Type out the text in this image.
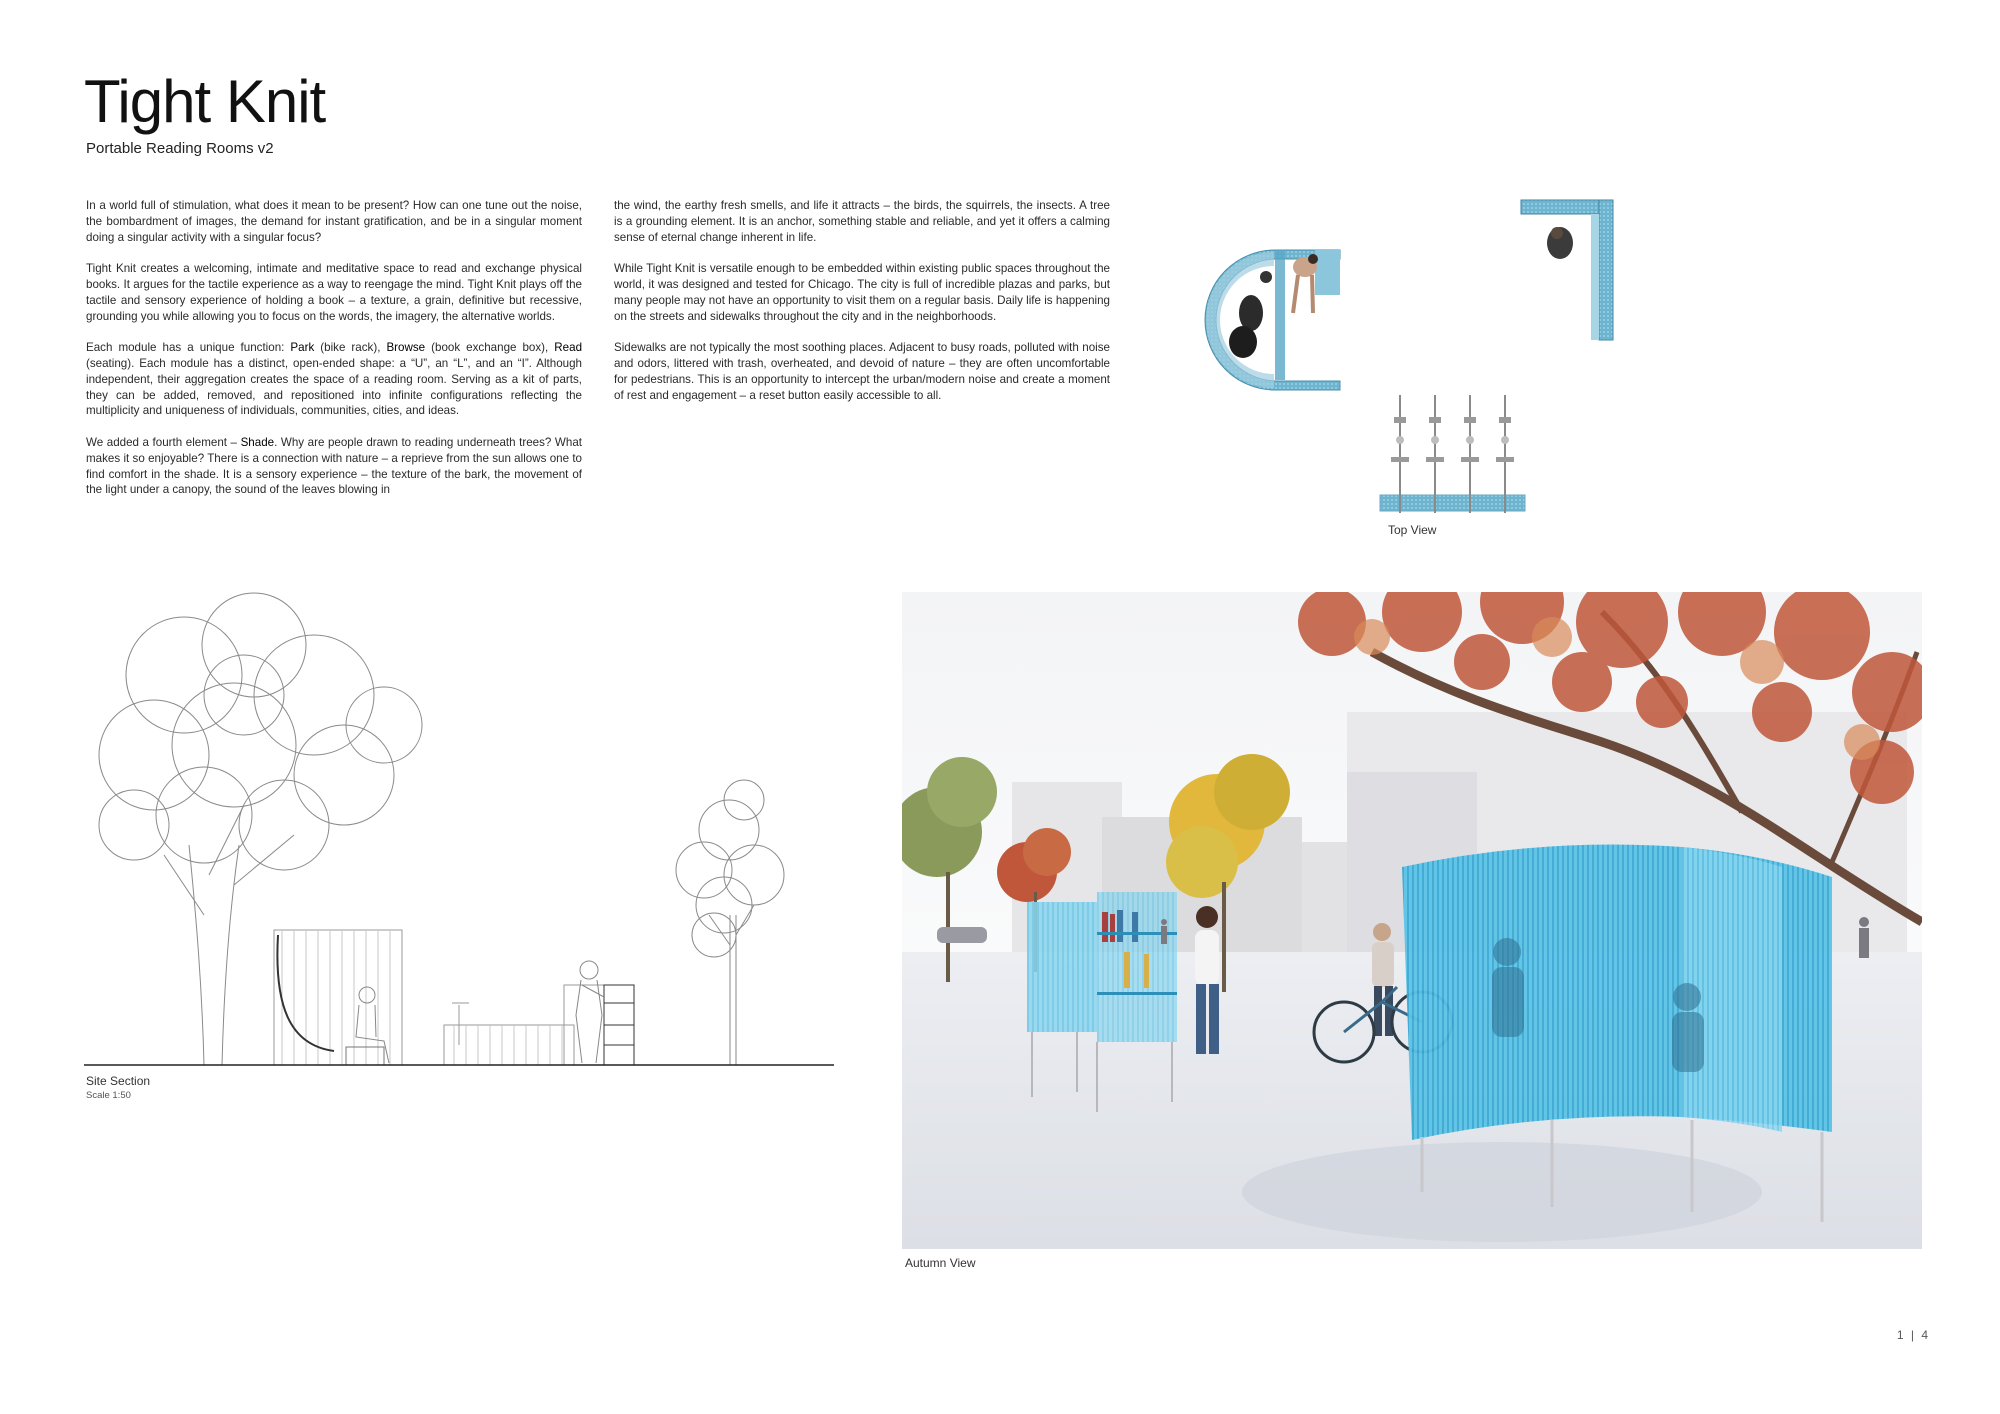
Tight Knit
Portable Reading Rooms v2

In a world full of stimulation, what does it mean to be present? How can one tune out the noise, the bombardment of images, the demand for instant gratification, and be in a singular moment doing a singular activity with a singular focus?

Tight Knit creates a welcoming, intimate and meditative space to read and exchange physical books. It argues for the tactile experience as a way to reengage the mind. Tight Knit plays off the tactile and sensory experience of holding a book – a texture, a grain, definitive but recessive, grounding you while allowing you to focus on the words, the imagery, the alternative worlds.

Each module has a unique function: Park (bike rack), Browse (book exchange box), Read (seating). Each module has a distinct, open-ended shape: a “U”, an “L”, and an “I”. Although independent, their aggregation creates the space of a reading room. Serving as a kit of parts, they can be added, removed, and repositioned into infinite configurations reflecting the multiplicity and uniqueness of individuals, communities, cities, and ideas.

We added a fourth element – Shade. Why are people drawn to reading underneath trees? What makes it so enjoyable? There is a connection with nature – a reprieve from the sun allows one to find comfort in the shade. It is a sensory experience – the texture of the bark, the movement of the light under a canopy, the sound of the leaves blowing in

the wind, the earthy fresh smells, and life it attracts – the birds, the squirrels, the insects. A tree is a grounding element. It is an anchor, something stable and reliable, and yet it offers a calming sense of eternal change inherent in life.

While Tight Knit is versatile enough to be embedded within existing public spaces throughout the world, it was designed and tested for Chicago. The city is full of incredible plazas and parks, but many people may not have an opportunity to visit them on a regular basis. Daily life is happening on the streets and sidewalks throughout the city and in the neighborhoods.

Sidewalks are not typically the most soothing places. Adjacent to busy roads, polluted with noise and odors, littered with trash, overheated, and devoid of nature – they are often uncomfortable for pedestrians. This is an opportunity to intercept the urban/modern noise and create a moment of rest and engagement – a reset button easily accessible to all.

Top View
Site Section
Scale 1:50
Autumn View
1 | 4
